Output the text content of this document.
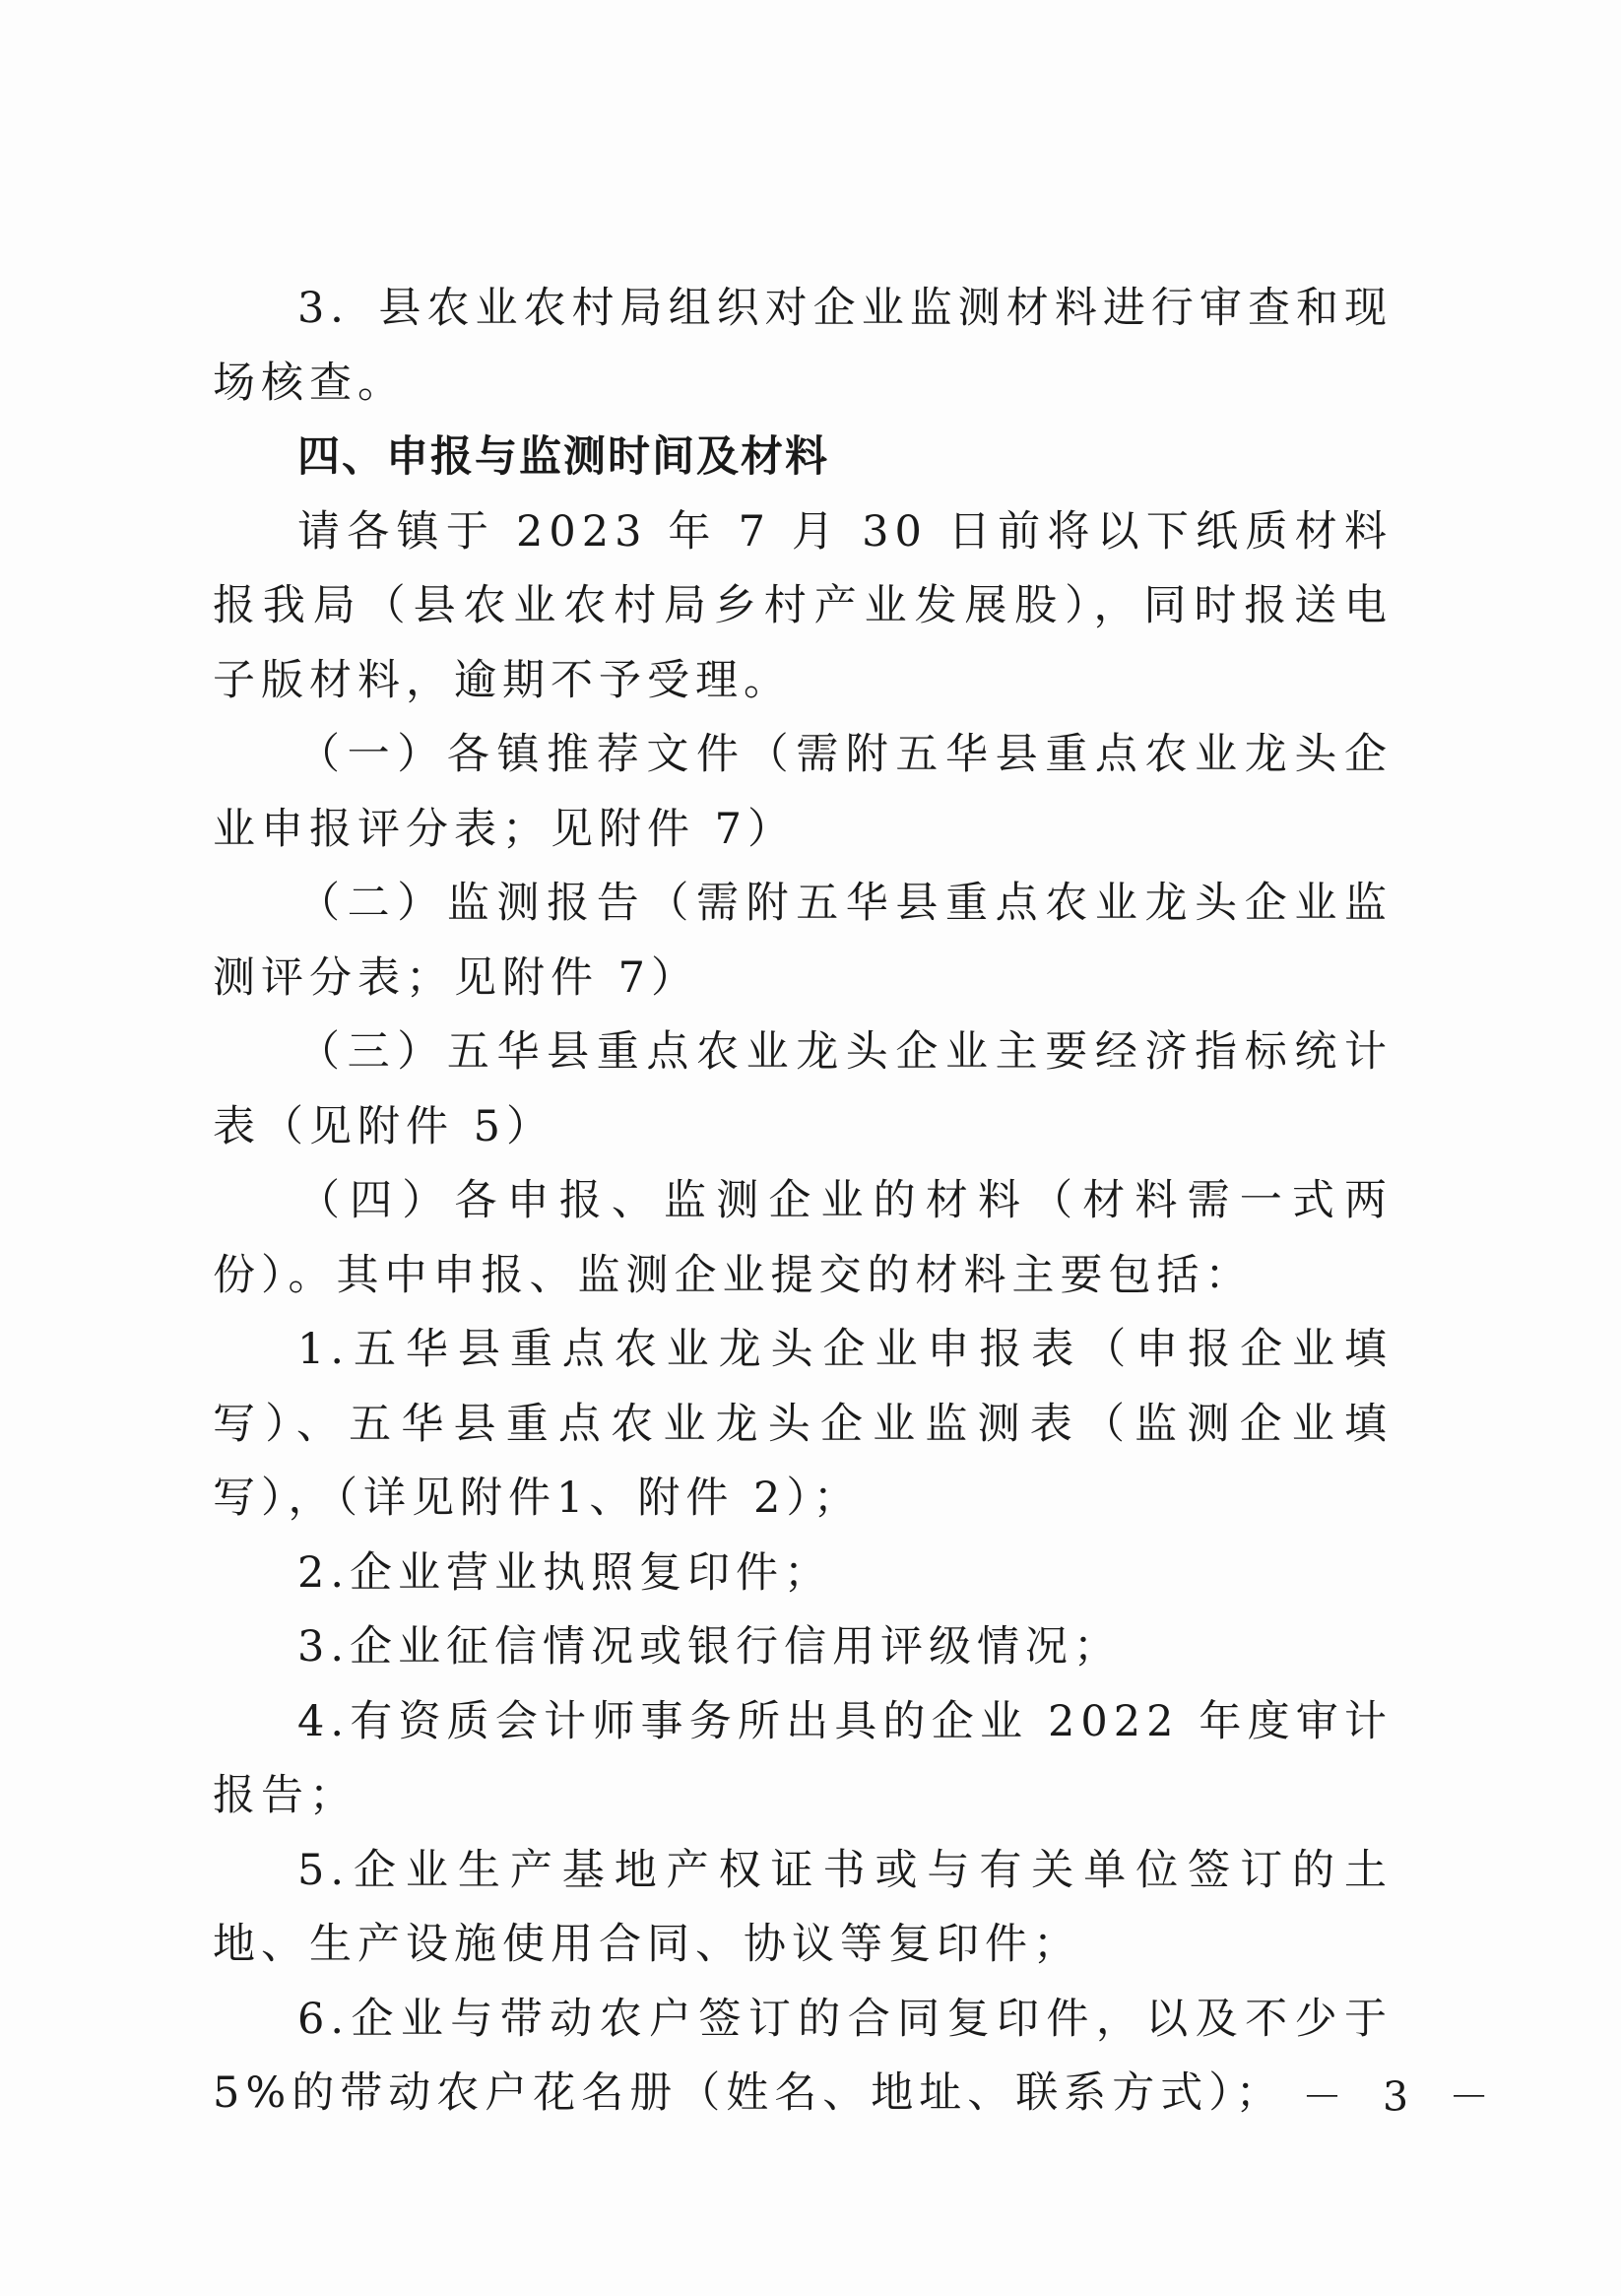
3．县农业农村局组织对企业监测材料进行审查和现场核查。

四、申报与监测时间及材料

请各镇于 2023 年 7 月 30 日前将以下纸质材料报我局（县农业农村局乡村产业发展股），同时报送电子版材料，逾期不予受理。

（一）各镇推荐文件（需附五华县重点农业龙头企业申报评分表；见附件 7）

（二）监测报告（需附五华县重点农业龙头企业监测评分表；见附件 7）

（三）五华县重点农业龙头企业主要经济指标统计表（见附件 5）

（四）各申报、监测企业的材料（材料需一式两份）。其中申报、监测企业提交的材料主要包括：

1.五华县重点农业龙头企业申报表（申报企业填写）、五华县重点农业龙头企业监测表（监测企业填写），（详见附件1、附件 2）；

2.企业营业执照复印件；

3.企业征信情况或银行信用评级情况；

4.有资质会计师事务所出具的企业 2022 年度审计报告；

5.企业生产基地产权证书或与有关单位签订的土地、生产设施使用合同、协议等复印件；

6.企业与带动农户签订的合同复印件，以及不少于 5%的带动农户花名册（姓名、地址、联系方式）； － 3 －
